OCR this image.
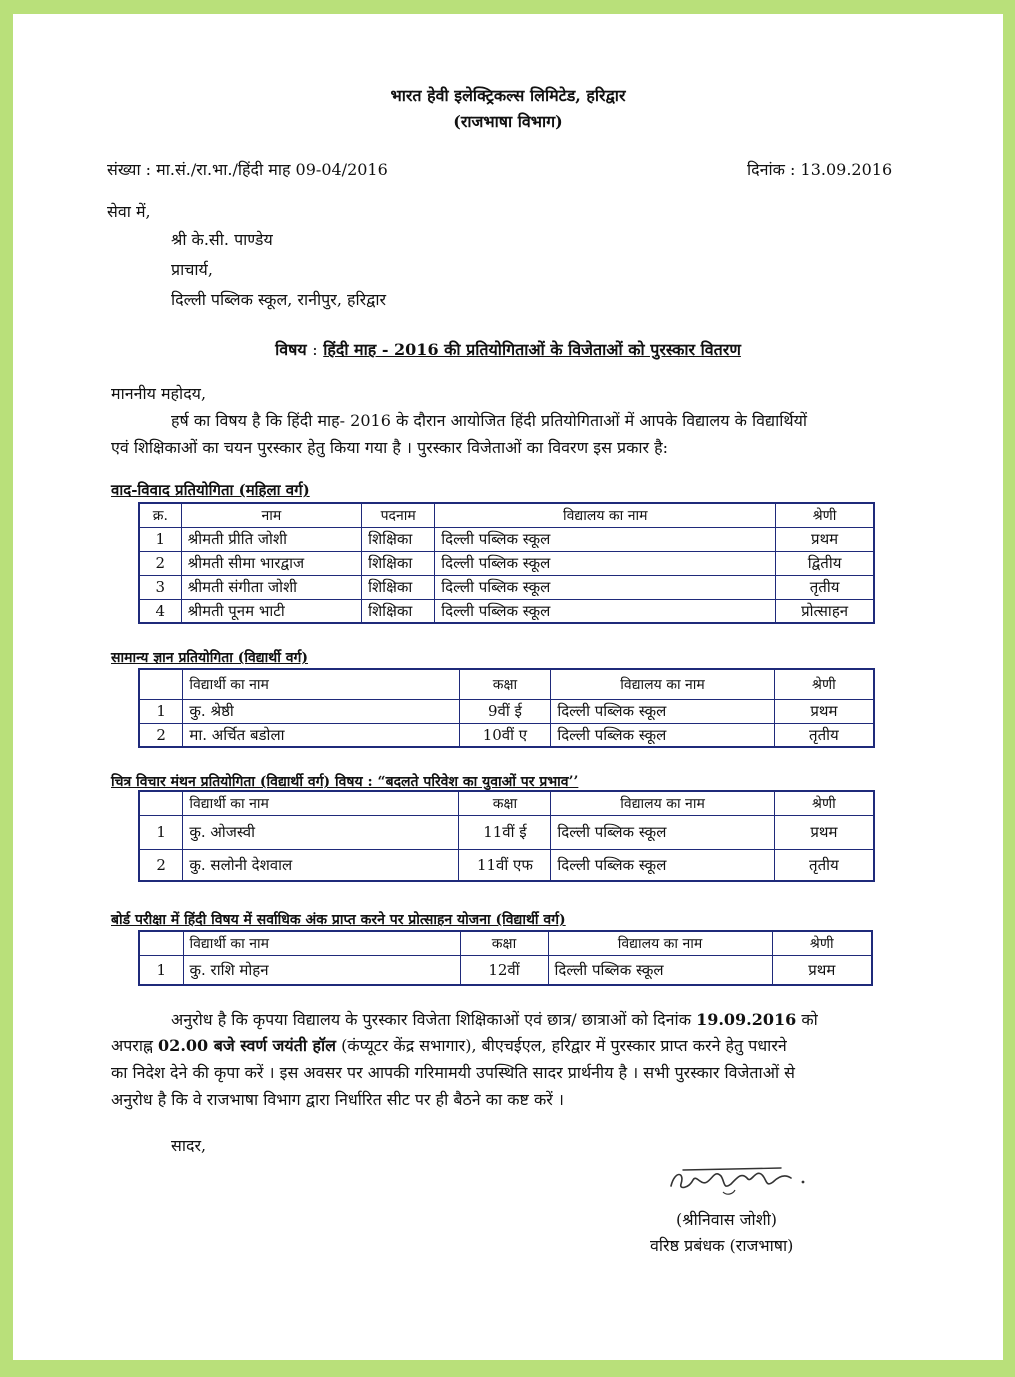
भारत हेवी इलेक्ट्रिकल्स लिमिटेड, हरिद्वार
(राजभाषा विभाग)
संख्या : मा.सं./रा.भा./हिंदी माह 09-04/2016	दिनांक : 13.09.2016
सेवा में,
श्री के.सी. पाण्डेय
प्राचार्य,
दिल्ली पब्लिक स्कूल, रानीपुर, हरिद्वार
विषय : हिंदी माह - 2016 की प्रतियोगिताओं के विजेताओं को पुरस्कार वितरण
माननीय महोदय,
हर्ष का विषय है कि हिंदी माह- 2016 के दौरान आयोजित हिंदी प्रतियोगिताओं में आपके विद्यालय के विद्यार्थियों
एवं शिक्षिकाओं का चयन पुरस्कार हेतु किया गया है । पुरस्कार विजेताओं का विवरण इस प्रकार है:
वाद-विवाद प्रतियोगिता (महिला वर्ग)
क्र.	नाम	पदनाम	विद्यालय का नाम	श्रेणी
1	श्रीमती प्रीति जोशी	शिक्षिका	दिल्ली पब्लिक स्कूल	प्रथम
2	श्रीमती सीमा भारद्वाज	शिक्षिका	दिल्ली पब्लिक स्कूल	द्वितीय
3	श्रीमती संगीता जोशी	शिक्षिका	दिल्ली पब्लिक स्कूल	तृतीय
4	श्रीमती पूनम भाटी	शिक्षिका	दिल्ली पब्लिक स्कूल	प्रोत्साहन
सामान्य ज्ञान प्रतियोगिता (विद्यार्थी वर्ग)
	विद्यार्थी का नाम	कक्षा	विद्यालय का नाम	श्रेणी
1	कु. श्रेष्ठी	9वीं ई	दिल्ली पब्लिक स्कूल	प्रथम
2	मा. अर्चित बडोला	10वीं ए	दिल्ली पब्लिक स्कूल	तृतीय
चित्र विचार मंथन प्रतियोगिता (विद्यार्थी वर्ग) विषय : “बदलते परिवेश का युवाओं पर प्रभाव’’
	विद्यार्थी का नाम	कक्षा	विद्यालय का नाम	श्रेणी
1	कु. ओजस्वी	11वीं ई	दिल्ली पब्लिक स्कूल	प्रथम
2	कु. सलोनी देशवाल	11वीं एफ	दिल्ली पब्लिक स्कूल	तृतीय
बोर्ड परीक्षा में हिंदी विषय में सर्वाधिक अंक प्राप्त करने पर प्रोत्साहन योजना (विद्यार्थी वर्ग)
	विद्यार्थी का नाम	कक्षा	विद्यालय का नाम	श्रेणी
1	कु. राशि मोहन	12वीं	दिल्ली पब्लिक स्कूल	प्रथम
अनुरोध है कि कृपया विद्यालय के पुरस्कार विजेता शिक्षिकाओं एवं छात्र/ छात्राओं को दिनांक 19.09.2016 को
अपराह्न 02.00 बजे स्वर्ण जयंती हॉल (कंप्यूटर केंद्र सभागार), बीएचईएल, हरिद्वार में पुरस्कार प्राप्त करने हेतु पधारने
का निदेश देने की कृपा करें । इस अवसर पर आपकी गरिमामयी उपस्थिति सादर प्रार्थनीय है । सभी पुरस्कार विजेताओं से
अनुरोध है कि वे राजभाषा विभाग द्वारा निर्धारित सीट पर ही बैठने का कष्ट करें ।
सादर,
(श्रीनिवास जोशी)
वरिष्ठ प्रबंधक (राजभाषा)
